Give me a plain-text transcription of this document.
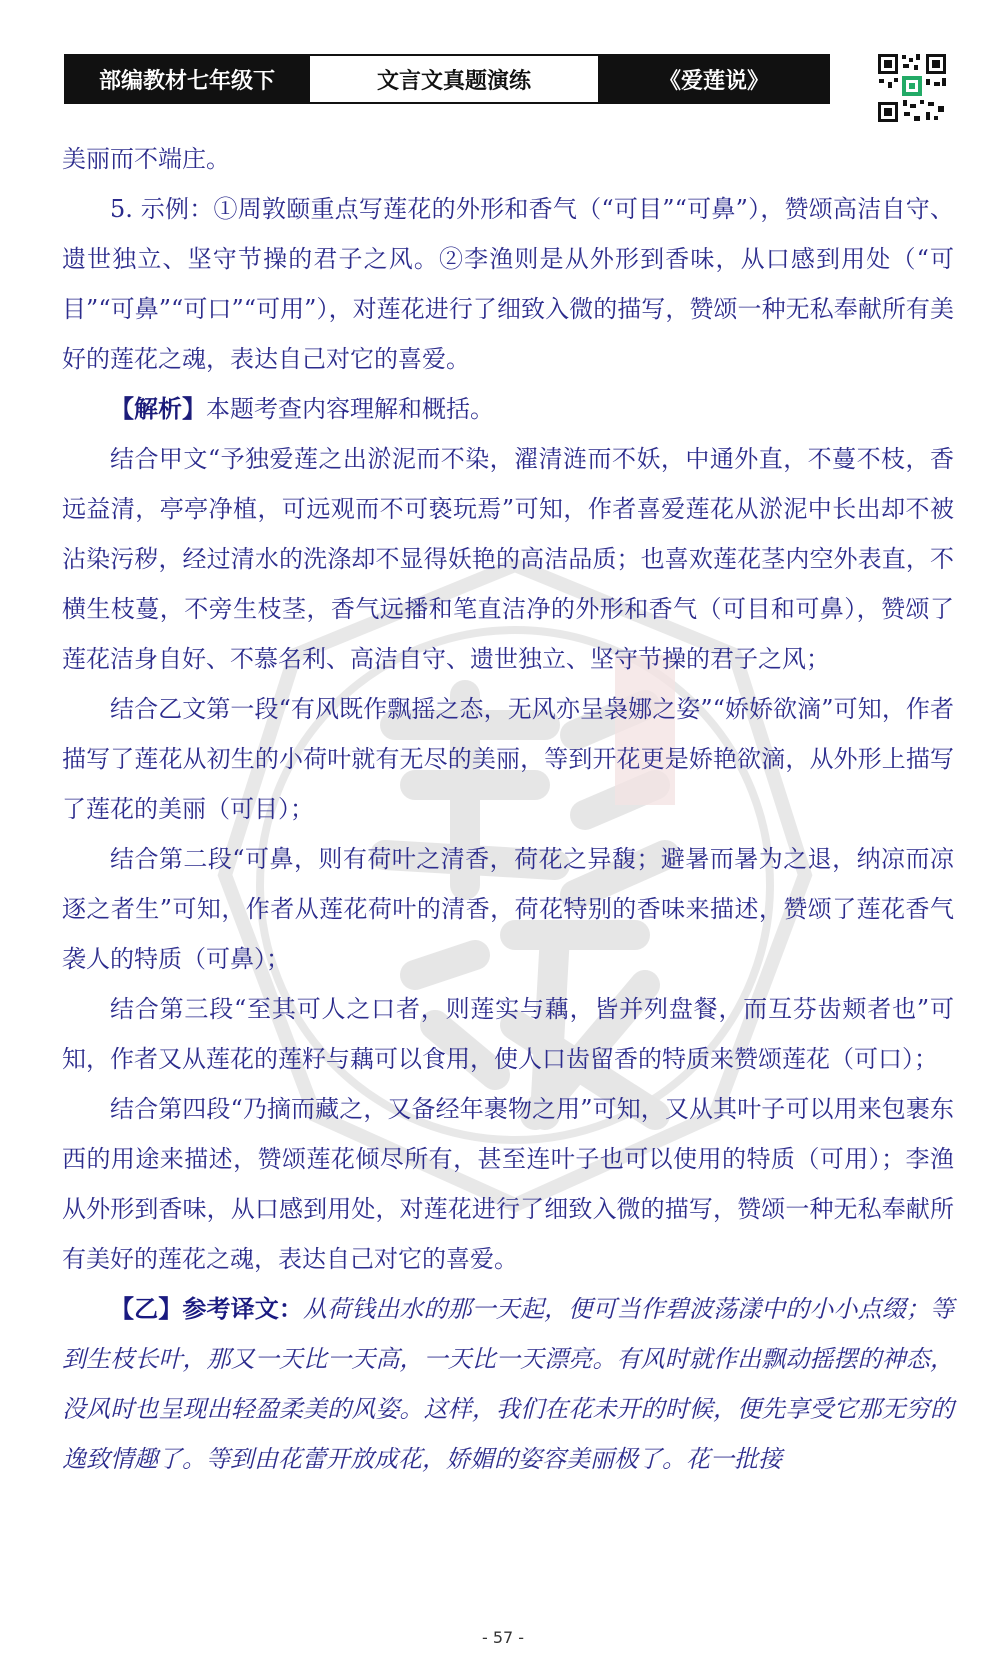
部编教材七年级下	文言文真题演练	《爱莲说》

美丽而不端庄。

5. 示例：①周敦颐重点写莲花的外形和香气（“可目”“可鼻”），赞颂高洁自守、遗世独立、坚守节操的君子之风。②李渔则是从外形到香味，从口感到用处（“可目”“可鼻”“可口”“可用”），对莲花进行了细致入微的描写，赞颂一种无私奉献所有美好的莲花之魂，表达自己对它的喜爱。

【解析】本题考查内容理解和概括。

结合甲文“予独爱莲之出淤泥而不染，濯清涟而不妖，中通外直，不蔓不枝，香远益清，亭亭净植，可远观而不可亵玩焉”可知，作者喜爱莲花从淤泥中长出却不被沾染污秽，经过清水的洗涤却不显得妖艳的高洁品质；也喜欢莲花茎内空外表直，不横生枝蔓，不旁生枝茎，香气远播和笔直洁净的外形和香气（可目和可鼻），赞颂了莲花洁身自好、不慕名利、高洁自守、遗世独立、坚守节操的君子之风；

结合乙文第一段“有风既作飘摇之态，无风亦呈袅娜之姿”“娇娇欲滴”可知，作者描写了莲花从初生的小荷叶就有无尽的美丽，等到开花更是娇艳欲滴，从外形上描写了莲花的美丽（可目）；

结合第二段“可鼻，则有荷叶之清香，荷花之异馥；避暑而暑为之退，纳凉而凉逐之者生”可知，作者从莲花荷叶的清香，荷花特别的香味来描述，赞颂了莲花香气袭人的特质（可鼻）；

结合第三段“至其可人之口者，则莲实与藕，皆并列盘餐，而互芬齿颊者也”可知，作者又从莲花的莲籽与藕可以食用，使人口齿留香的特质来赞颂莲花（可口）；

结合第四段“乃摘而藏之，又备经年裹物之用”可知，又从其叶子可以用来包裹东西的用途来描述，赞颂莲花倾尽所有，甚至连叶子也可以使用的特质（可用）；李渔从外形到香味，从口感到用处，对莲花进行了细致入微的描写，赞颂一种无私奉献所有美好的莲花之魂，表达自己对它的喜爱。

【乙】参考译文：从荷钱出水的那一天起，便可当作碧波荡漾中的小小点缀；等到生枝长叶，那又一天比一天高，一天比一天漂亮。有风时就作出飘动摇摆的神态，没风时也呈现出轻盈柔美的风姿。这样，我们在花未开的时候，便先享受它那无穷的逸致情趣了。等到由花蕾开放成花，娇媚的姿容美丽极了。花一批接

- 57 -
